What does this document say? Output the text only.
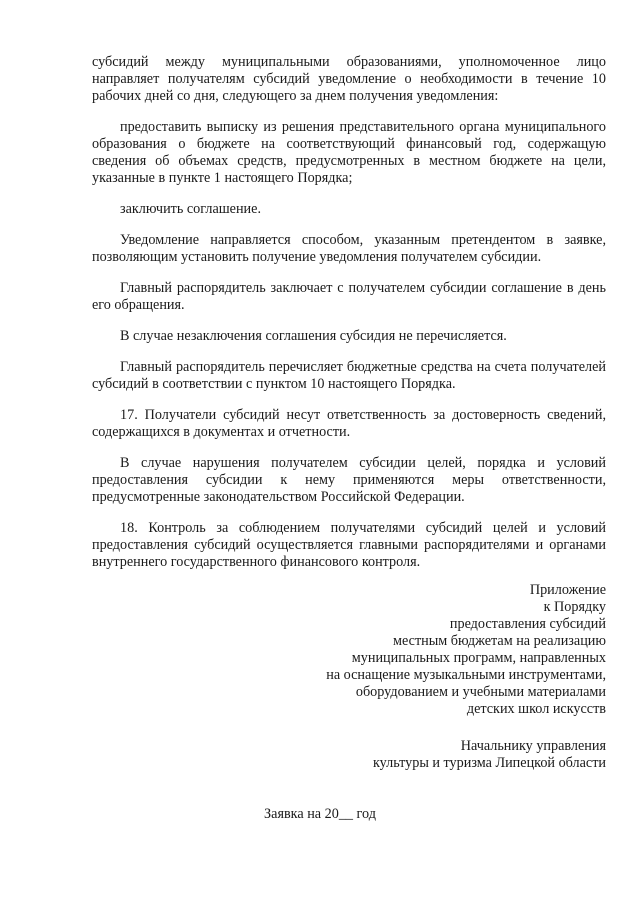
субсидий между муниципальными образованиями, уполномоченное лицо направляет получателям субсидий уведомление о необходимости в течение 10 рабочих дней со дня, следующего за днем получения уведомления:

предоставить выписку из решения представительного органа муниципального образования о бюджете на соответствующий финансовый год, содержащую сведения об объемах средств, предусмотренных в местном бюджете на цели, указанные в пункте 1 настоящего Порядка;

заключить соглашение.

Уведомление направляется способом, указанным претендентом в заявке, позволяющим установить получение уведомления получателем субсидии.

Главный распорядитель заключает с получателем субсидии соглашение в день его обращения.

В случае незаключения соглашения субсидия не перечисляется.

Главный распорядитель перечисляет бюджетные средства на счета получателей субсидий в соответствии с пунктом 10 настоящего Порядка.

17. Получатели субсидий несут ответственность за достоверность сведений, содержащихся в документах и отчетности.

В случае нарушения получателем субсидии целей, порядка и условий предоставления субсидии к нему применяются меры ответственности, предусмотренные законодательством Российской Федерации.

18. Контроль за соблюдением получателями субсидий целей и условий предоставления субсидий осуществляется главными распорядителями и органами внутреннего государственного финансового контроля.

Приложение
к Порядку
предоставления субсидий
местным бюджетам на реализацию
муниципальных программ, направленных
на оснащение музыкальными инструментами,
оборудованием и учебными материалами
детских школ искусств
Начальнику управления
культуры и туризма Липецкой области
Заявка на 20__ год
